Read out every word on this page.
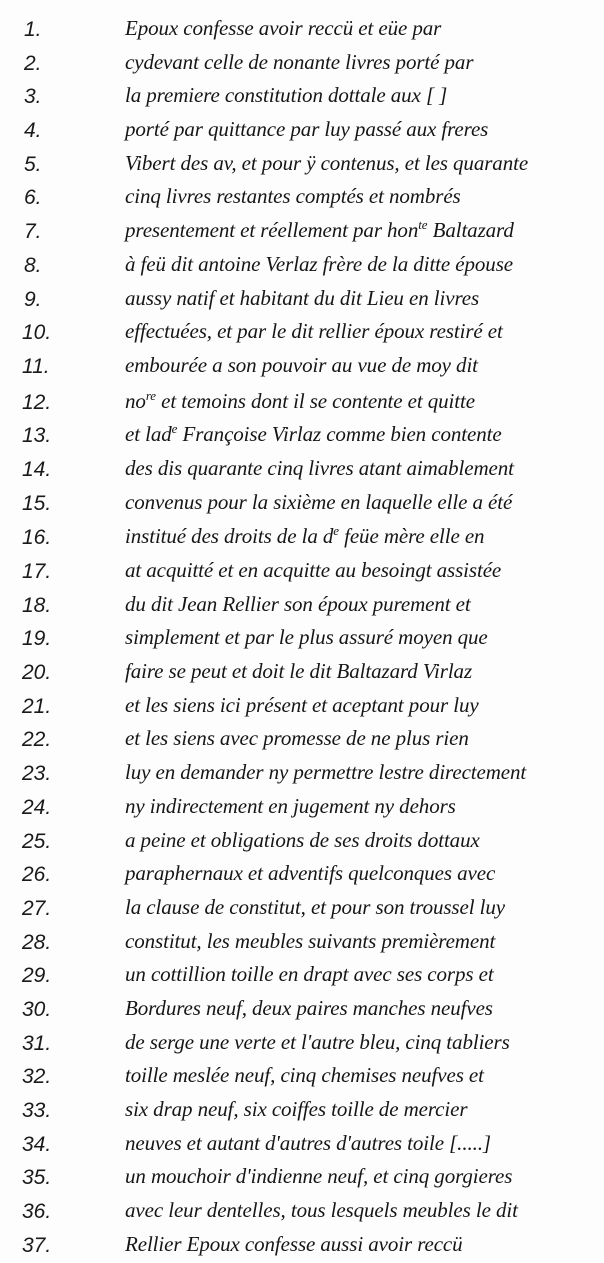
1.	Epoux confesse avoir reccü et eüe par
2.	cydevant celle de nonante livres porté par
3.	la premiere constitution dottale aux [ ]
4.	porté par quittance par luy passé aux freres
5.	Vibert des av, et pour ÿ contenus, et les quarante
6.	cinq livres restantes comptés et nombrés
7.	presentement et réellement par hon$^{te}$ Baltazard
8.	à feü dit antoine Verlaz frère de la ditte épouse
9.	aussy natif et habitant du dit Lieu en livres
10.	effectuées, et par le dit rellier époux restiré et
11.	embourée a son pouvoir au vue de moy dit
12.	$no^{re}$ et temoins dont il se contente et quitte
13.	et lad$^e$ Françoise Virlaz comme bien contente
14.	des dis quarante cinq livres atant aimablement
15.	convenus pour la sixième en laquelle elle a été
16.	institué des droits de la $d^e$ feüe mère elle en
17.	at acquitté et en acquitte au besoingt assistée
18.	du dit Jean Rellier son époux purement et
19.	simplement et par le plus assuré moyen que
20.	faire se peut et doit le dit Baltazard Virlaz
21.	et les siens ici présent et aceptant pour luy
22.	et les siens avec promesse de ne plus rien
23.	luy en demander ny permettre lestre directement
24.	ny indirectement en jugement ny dehors
25.	a peine et obligations de ses droits dottaux
26.	paraphernaux et adventifs quelconques avec
27.	la clause de constitut, et pour son troussel luy
28.	constitut, les meubles suivants premièrement
29.	un cottillion toille en drapt avec ses corps et
30.	Bordures neuf, deux paires manches neufves
31.	de serge une verte et l'autre bleu, cinq tabliers
32.	toille meslée neuf, cinq chemises neufves et
33.	six drap neuf, six coiffes toille de mercier
34.	neuves et autant d'autres d'autres toile [.....]
35.	un mouchoir d'indienne neuf, et cinq gorgieres
36.	avec leur dentelles, tous lesquels meubles le dit
37.	Rellier Epoux confesse aussi avoir reccü
